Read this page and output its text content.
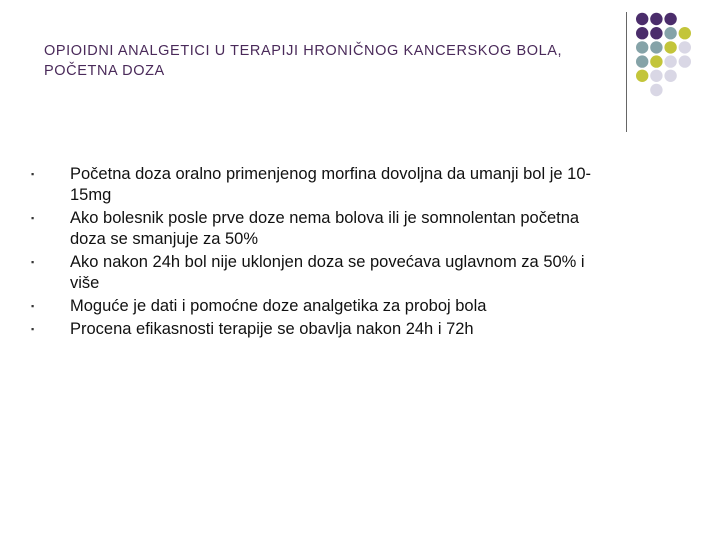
OPIOIDNI ANALGETICI U TERAPIJI HRONIČNOG KANCERSKOG BOLA,
POČETNA DOZA
▪ Početna doza oralno primenjenog morfina dovoljna da umanji bol je 10-
15mg
▪ Ako bolesnik posle prve doze nema bolova ili je somnolentan početna
doza se smanjuje za 50%
▪ Ako nakon 24h bol nije uklonjen doza se povećava uglavnom za 50% i
više
▪ Moguće je dati i pomoćne doze analgetika za proboj bola
▪ Procena efikasnosti terapije se obavlja nakon 24h i 72h
